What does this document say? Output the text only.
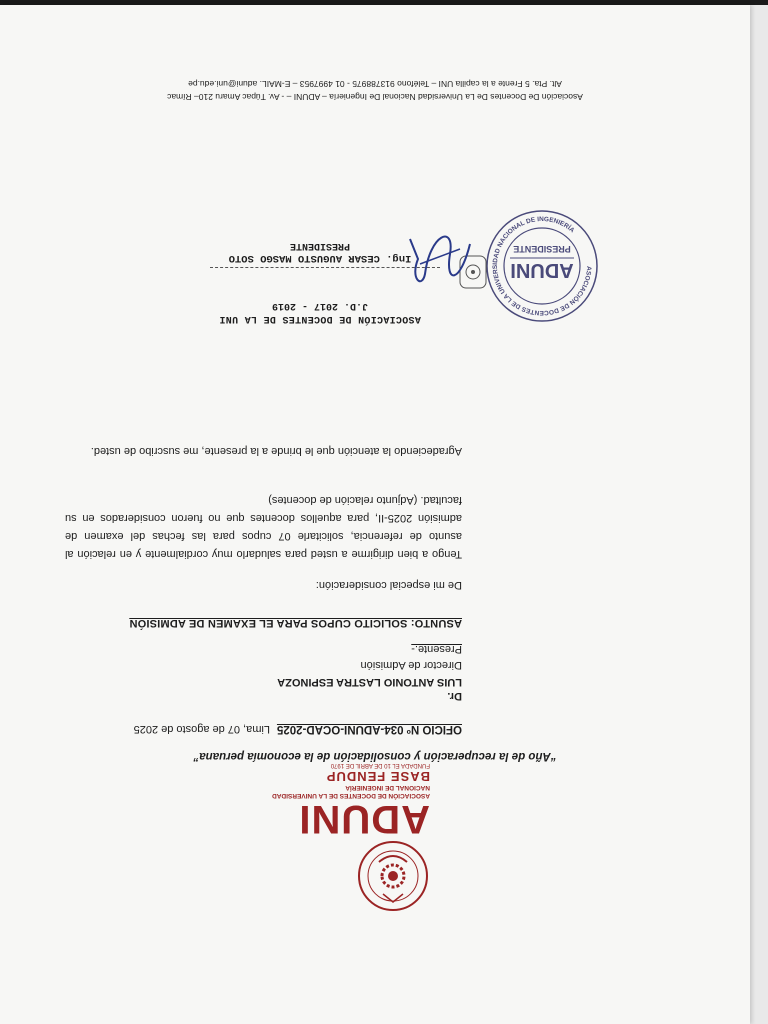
ADUNI
ASOCIACIÓN DE DOCENTES DE LA UNIVERSIDAD NACIONAL DE INGENIERÍA
BASE FENDUP
FUNDADA EL 10 DE ABRIL DE 1970
“Año de la recuperación y consolidación de la economía peruana”
OFICIO Nº 034-ADUNI-OCAD-2025
Lima, 07 de agosto de 2025
Dr.
LUIS ANTONIO LASTRA ESPINOZA
Director de Admisión
Presente.-
ASUNTO: SOLICITO CUPOS PARA EL EXAMEN DE ADMISIÓN
De mi especial consideración:
Tengo a bien dirigirme a usted para saludarlo muy cordialmente y en relación al asunto de referencia, solicitarle 07 cupos para las fechas del examen de admisión 2025-II, para aquellos docentes que no fueron considerados en su facultad. (Adjunto relación de docentes)
Agradeciendo la atención que le brinde a la presente, me suscribo de usted.
ASOCIACIÓN DE DOCENTES DE LA UNIVERSIDAD NACIONAL DE INGENIERÍA
ADUNI
PRESIDENTE
ASOCIACIÓN DE DOCENTES DE LA UNI
J.D. 2017 - 2019
Ing. CESAR AUGUSTO MASGO SOTO
PRESIDENTE
Asociación De Docentes De La Universidad Nacional De Ingeniería – ADUNI – - Av. Túpac Amaru 210– Rímac
Alt. Pta. 5 Frente a la capilla UNI – Teléfono 913788975 - 01 4997953 – E-MAIL. aduni@uni.edu.pe
